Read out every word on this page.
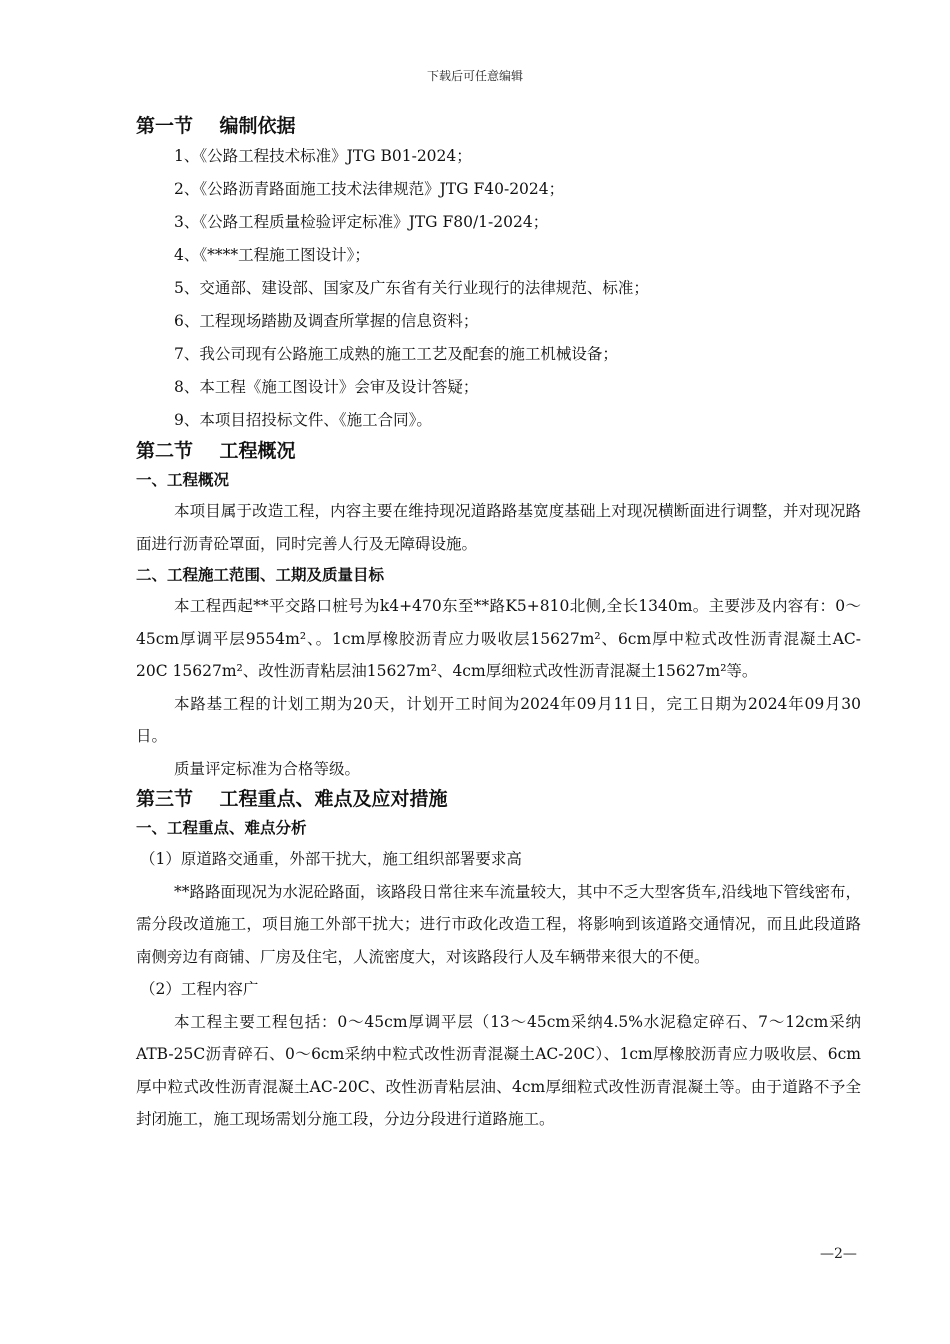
下载后可任意编辑
第一节    编制依据

1、《公路工程技术标准》JTG B01-2024；

2、《公路沥青路面施工技术法律规范》JTG F40-2024；

3、《公路工程质量检验评定标准》JTG F80/1-2024；

4、《****工程施工图设计》；

5、交通部、建设部、国家及广东省有关行业现行的法律规范、标准；

6、工程现场踏勘及调查所掌握的信息资料；

7、我公司现有公路施工成熟的施工工艺及配套的施工机械设备；

8、本工程《施工图设计》会审及设计答疑；

9、本项目招投标文件、《施工合同》。

第二节    工程概况
一、工程概况

本项目属于改造工程，内容主要在维持现况道路路基宽度基础上对现况横断面进行调整，并对现况路面进行沥青砼罩面，同时完善人行及无障碍设施。

二、工程施工范围、工期及质量目标

本工程西起**平交路口桩号为k4+470东至**路K5+810北侧,全长1340m。主要涉及内容有：0～45cm厚调平层9554m²、。1cm厚橡胶沥青应力吸收层15627m²、6cm厚中粒式改性沥青混凝土AC-20C 15627m²、改性沥青粘层油15627m²、4cm厚细粒式改性沥青混凝土15627m²等。

本路基工程的计划工期为20天，计划开工时间为2024年09月11日，完工日期为2024年09月30日。

质量评定标准为合格等级。

第三节    工程重点、难点及应对措施
一、工程重点、难点分析

（1）原道路交通重，外部干扰大，施工组织部署要求高

**路路面现况为水泥砼路面，该路段日常往来车流量较大，其中不乏大型客货车,沿线地下管线密布，需分段改道施工，项目施工外部干扰大；进行市政化改造工程，将影响到该道路交通情况，而且此段道路南侧旁边有商铺、厂房及住宅，人流密度大，对该路段行人及车辆带来很大的不便。

（2）工程内容广

本工程主要工程包括：0～45cm厚调平层（13～45cm采纳4.5%水泥稳定碎石、7～12cm采纳ATB-25C沥青碎石、0～6cm采纳中粒式改性沥青混凝土AC-20C）、1cm厚橡胶沥青应力吸收层、6cm厚中粒式改性沥青混凝土AC-20C、改性沥青粘层油、4cm厚细粒式改性沥青混凝土等。由于道路不予全封闭施工，施工现场需划分施工段，分边分段进行道路施工。

—2—
